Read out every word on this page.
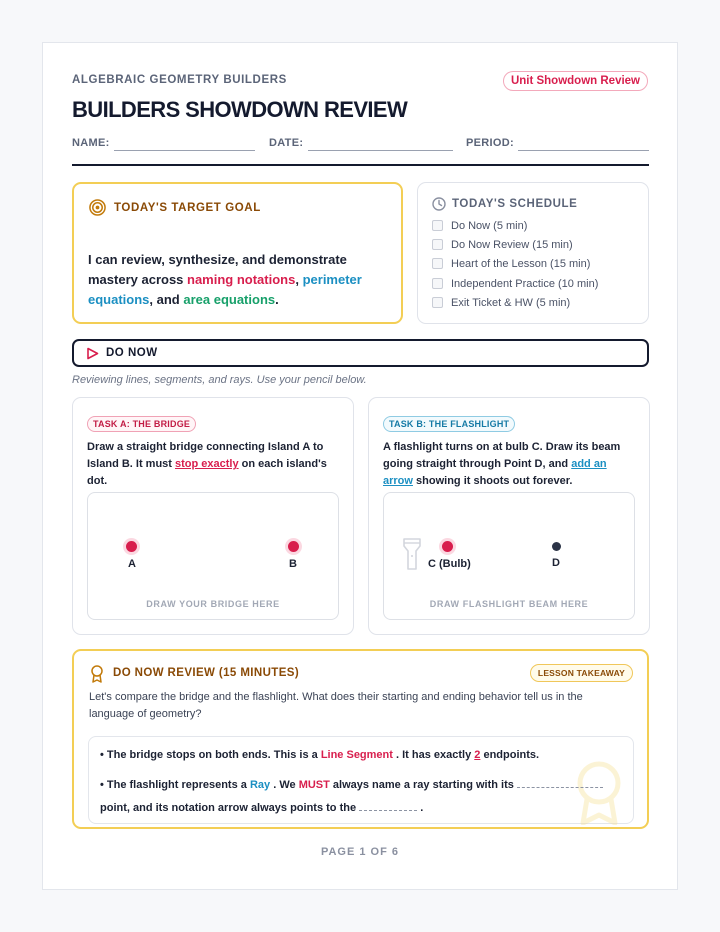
ALGEBRAIC GEOMETRY BUILDERS	Unit Showdown Review
BUILDERS SHOWDOWN REVIEW
NAME:	DATE:	PERIOD:
TODAY'S TARGET GOAL
I can review, synthesize, and demonstrate mastery across naming notations, perimeter equations, and area equations.
TODAY'S SCHEDULE
Do Now (5 min)
Do Now Review (15 min)
Heart of the Lesson (15 min)
Independent Practice (10 min)
Exit Ticket & HW (5 min)
DO NOW
Reviewing lines, segments, and rays. Use your pencil below.
TASK A: THE BRIDGE
Draw a straight bridge connecting Island A to Island B. It must stop exactly on each island's dot.
A	B
DRAW YOUR BRIDGE HERE
TASK B: THE FLASHLIGHT
A flashlight turns on at bulb C. Draw its beam going straight through Point D, and add an arrow showing it shoots out forever.
C (Bulb)	D
DRAW FLASHLIGHT BEAM HERE
DO NOW REVIEW (15 MINUTES)	LESSON TAKEAWAY
Let's compare the bridge and the flashlight. What does their starting and ending behavior tell us in the language of geometry?
• The bridge stops on both ends. This is a Line Segment . It has exactly 2 endpoints.
• The flashlight represents a Ray . We MUST always name a ray starting with its  point, and its notation arrow always points to the	.
PAGE 1 OF 6
